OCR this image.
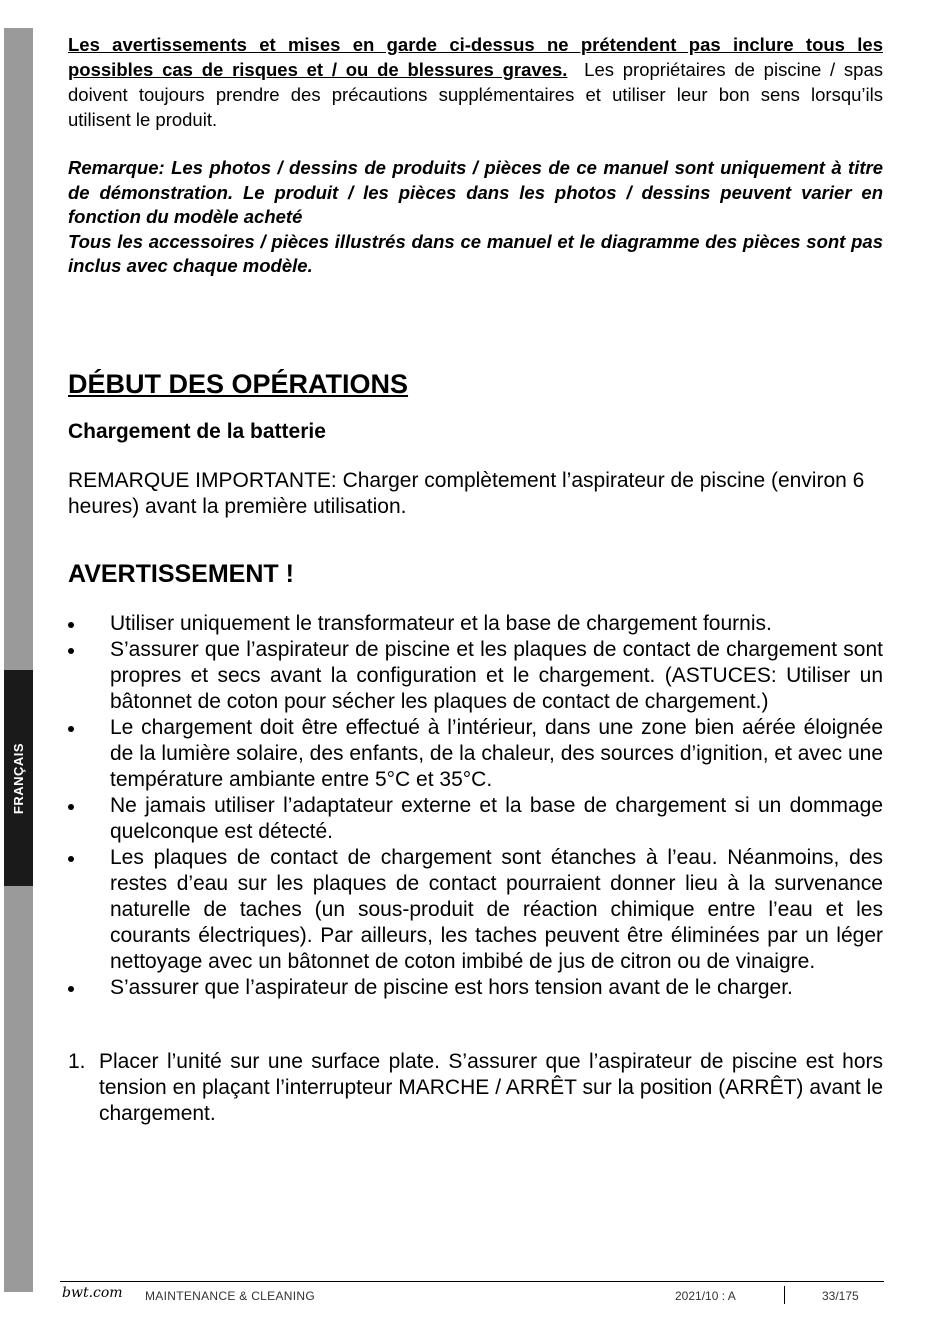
FRANÇAIS

Les avertissements et mises en garde ci-dessus ne prétendent pas inclure tous les possibles cas de risques et / ou de blessures graves. Les propriétaires de piscine / spas doivent toujours prendre des précautions supplémentaires et utiliser leur bon sens lorsqu’ils utilisent le produit.

Remarque: Les photos / dessins de produits / pièces de ce manuel sont uniquement à titre de démonstration. Le produit / les pièces dans les photos / dessins peuvent varier en fonction du modèle acheté

Tous les accessoires / pièces illustrés dans ce manuel et le diagramme des pièces sont pas inclus avec chaque modèle.

DÉBUT DES OPÉRATIONS
Chargement de la batterie

REMARQUE IMPORTANTE: Charger complètement l’aspirateur de piscine (environ 6 heures) avant la première utilisation.

AVERTISSEMENT !
Utiliser uniquement le transformateur et la base de chargement fournis.
S’assurer que l’aspirateur de piscine et les plaques de contact de chargement sont propres et secs avant la configuration et le chargement. (ASTUCES: Utiliser un bâtonnet de coton pour sécher les plaques de contact de chargement.)
Le chargement doit être effectué à l’intérieur, dans une zone bien aérée éloignée de la lumière solaire, des enfants, de la chaleur, des sources d’ignition, et avec une température ambiante entre 5°C et 35°C.
Ne jamais utiliser l’adaptateur externe et la base de chargement si un dommage quelconque est détecté.
Les plaques de contact de chargement sont étanches à l’eau. Néanmoins, des restes d’eau sur les plaques de contact pourraient donner lieu à la survenance naturelle de taches (un sous-produit de réaction chimique entre l’eau et les courants électriques). Par ailleurs, les taches peuvent être éliminées par un léger nettoyage avec un bâtonnet de coton imbibé de jus de citron ou de vinaigre.
S’assurer que l’aspirateur de piscine est hors tension avant de le charger.
1. Placer l’unité sur une surface plate. S’assurer que l’aspirateur de piscine est hors tension en plaçant l’interrupteur MARCHE / ARRÊT sur la position (ARRÊT) avant le chargement.
bwt.com MAINTENANCE & CLEANING	2021/10 : A	33/175
